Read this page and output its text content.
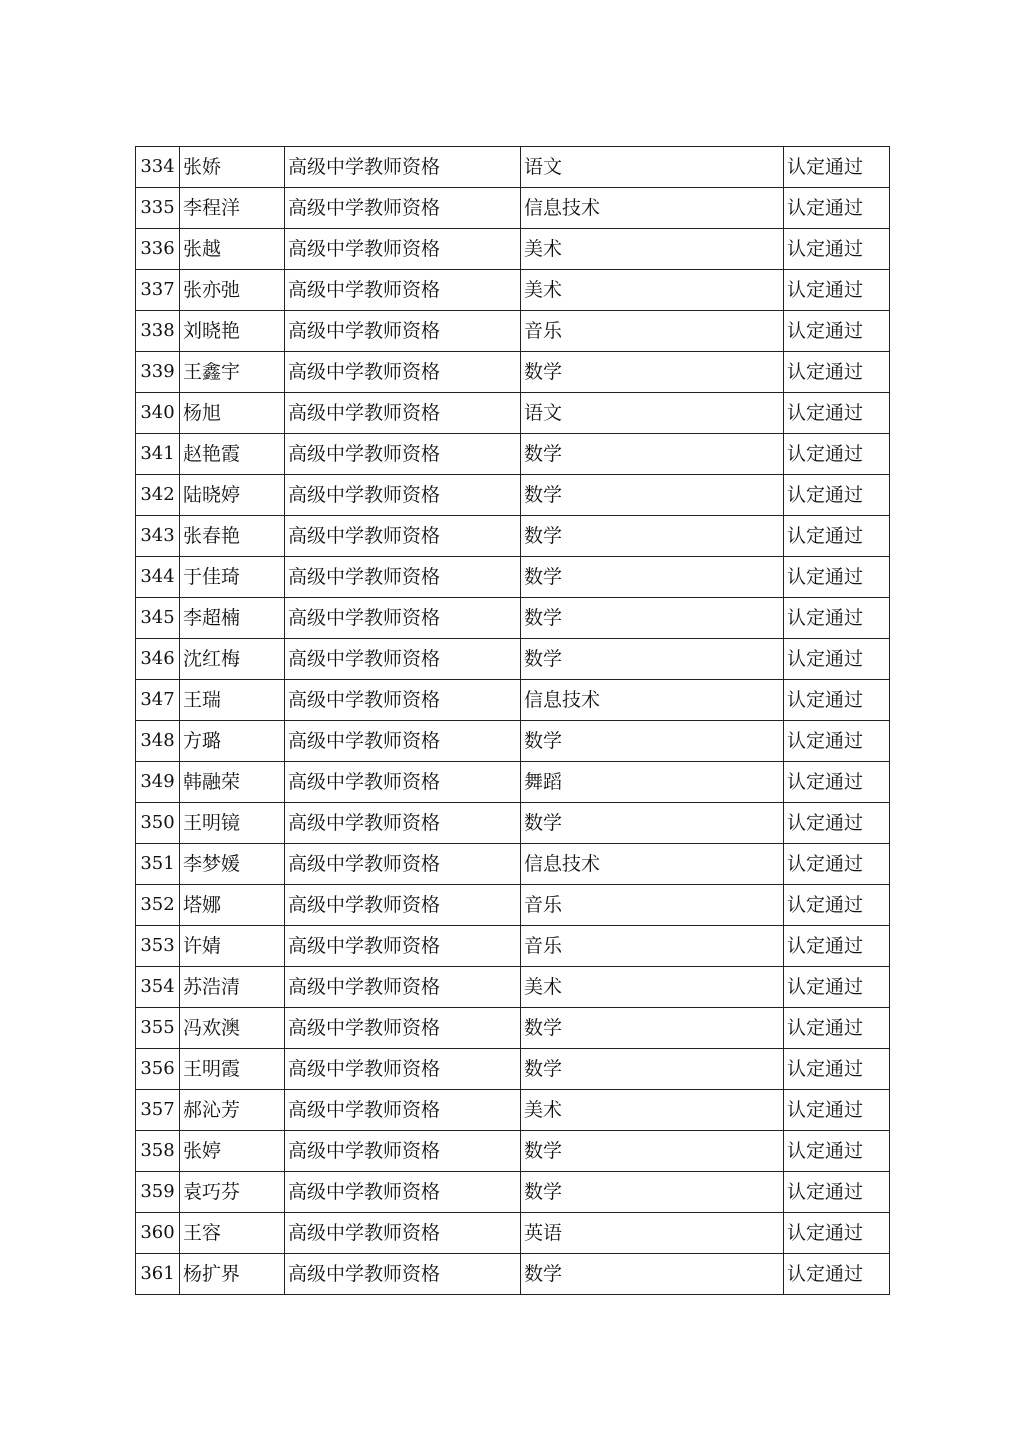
334	张娇	高级中学教师资格	语文	认定通过
335	李程洋	高级中学教师资格	信息技术	认定通过
336	张越	高级中学教师资格	美术	认定通过
337	张亦弛	高级中学教师资格	美术	认定通过
338	刘晓艳	高级中学教师资格	音乐	认定通过
339	王鑫宇	高级中学教师资格	数学	认定通过
340	杨旭	高级中学教师资格	语文	认定通过
341	赵艳霞	高级中学教师资格	数学	认定通过
342	陆晓婷	高级中学教师资格	数学	认定通过
343	张春艳	高级中学教师资格	数学	认定通过
344	于佳琦	高级中学教师资格	数学	认定通过
345	李超楠	高级中学教师资格	数学	认定通过
346	沈红梅	高级中学教师资格	数学	认定通过
347	王瑞	高级中学教师资格	信息技术	认定通过
348	方璐	高级中学教师资格	数学	认定通过
349	韩融荣	高级中学教师资格	舞蹈	认定通过
350	王明镜	高级中学教师资格	数学	认定通过
351	李梦媛	高级中学教师资格	信息技术	认定通过
352	塔娜	高级中学教师资格	音乐	认定通过
353	许婧	高级中学教师资格	音乐	认定通过
354	苏浩清	高级中学教师资格	美术	认定通过
355	冯欢澳	高级中学教师资格	数学	认定通过
356	王明霞	高级中学教师资格	数学	认定通过
357	郝沁芳	高级中学教师资格	美术	认定通过
358	张婷	高级中学教师资格	数学	认定通过
359	袁巧芬	高级中学教师资格	数学	认定通过
360	王容	高级中学教师资格	英语	认定通过
361	杨扩界	高级中学教师资格	数学	认定通过
